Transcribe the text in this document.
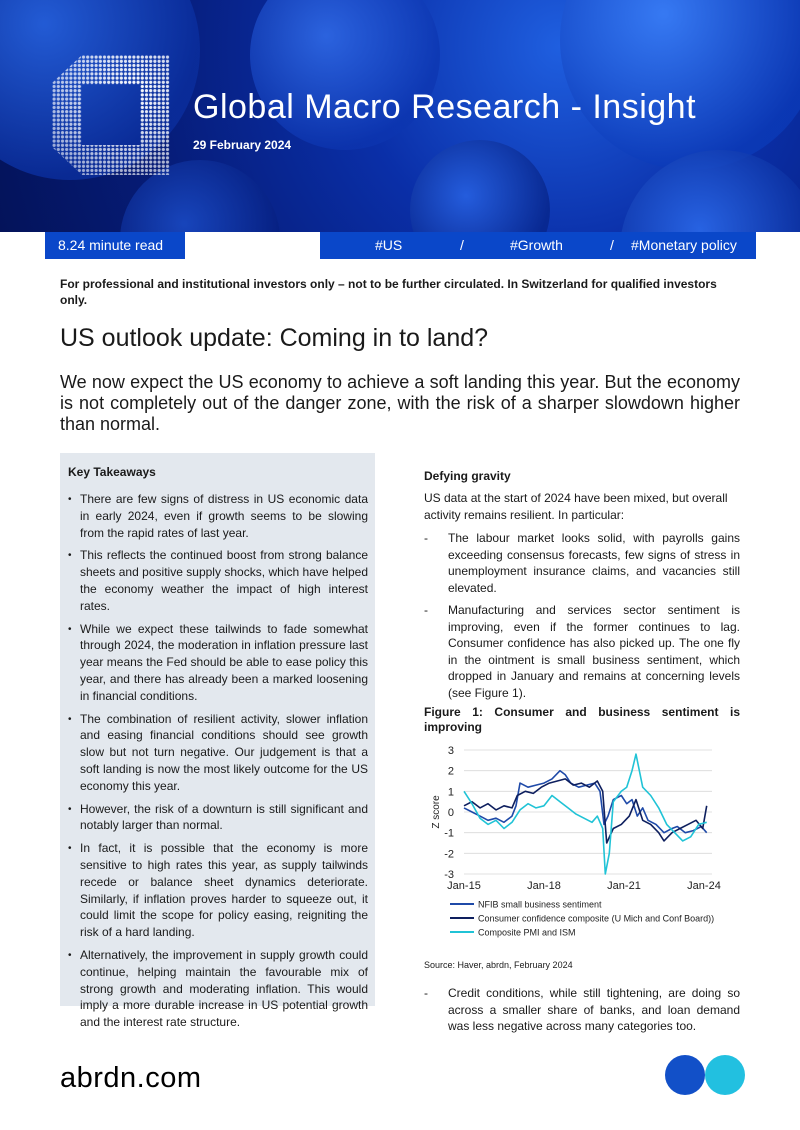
Global Macro Research - Insight
29 February 2024
8.24 minute read	#US	/	#Growth	/ #Monetary policy

For professional and institutional investors only – not to be further circulated. In Switzerland for qualified investors only.

US outlook update: Coming in to land?

We now expect the US economy to achieve a soft landing this year. But the economy is not completely out of the danger zone, with the risk of a sharper slowdown higher than normal.

Key Takeaways
• There are few signs of distress in US economic data in early 2024, even if growth seems to be slowing from the rapid rates of last year.
• This reflects the continued boost from strong balance sheets and positive supply shocks, which have helped the economy weather the impact of high interest rates.
• While we expect these tailwinds to fade somewhat through 2024, the moderation in inflation pressure last year means the Fed should be able to ease policy this year, and there has already been a marked loosening in financial conditions.
• The combination of resilient activity, slower inflation and easing financial conditions should see growth slow but not turn negative. Our judgement is that a soft landing is now the most likely outcome for the US economy this year.
• However, the risk of a downturn is still significant and notably larger than normal.
• In fact, it is possible that the economy is more sensitive to high rates this year, as supply tailwinds recede or balance sheet dynamics deteriorate. Similarly, if inflation proves harder to squeeze out, it could limit the scope for policy easing, reigniting the risk of a hard landing.
• Alternatively, the improvement in supply growth could continue, helping maintain the favourable mix of strong growth and moderating inflation. This would imply a more durable increase in US potential growth and the interest rate structure.
Defying gravity
US data at the start of 2024 have been mixed, but overall activity remains resilient. In particular:
- The labour market looks solid, with payrolls gains exceeding consensus forecasts, few signs of stress in unemployment insurance claims, and vacancies still elevated.
- Manufacturing and services sector sentiment is improving, even if the former continues to lag. Consumer confidence has also picked up. The one fly in the ointment is small business sentiment, which dropped in January and remains at concerning levels (see Figure 1).
Figure 1: Consumer and business sentiment is improving
3
2
1
0
-1
-2
-3
Jan-15	Jan-18	Jan-21	Jan-24
Z score
NFIB small business sentiment
Consumer confidence composite (U Mich and Conf Board))
Composite PMI and ISM
Source: Haver, abrdn, February 2024
- Credit conditions, while still tightening, are doing so across a smaller share of banks, and loan demand was less negative across many categories too.
abrdn.com
